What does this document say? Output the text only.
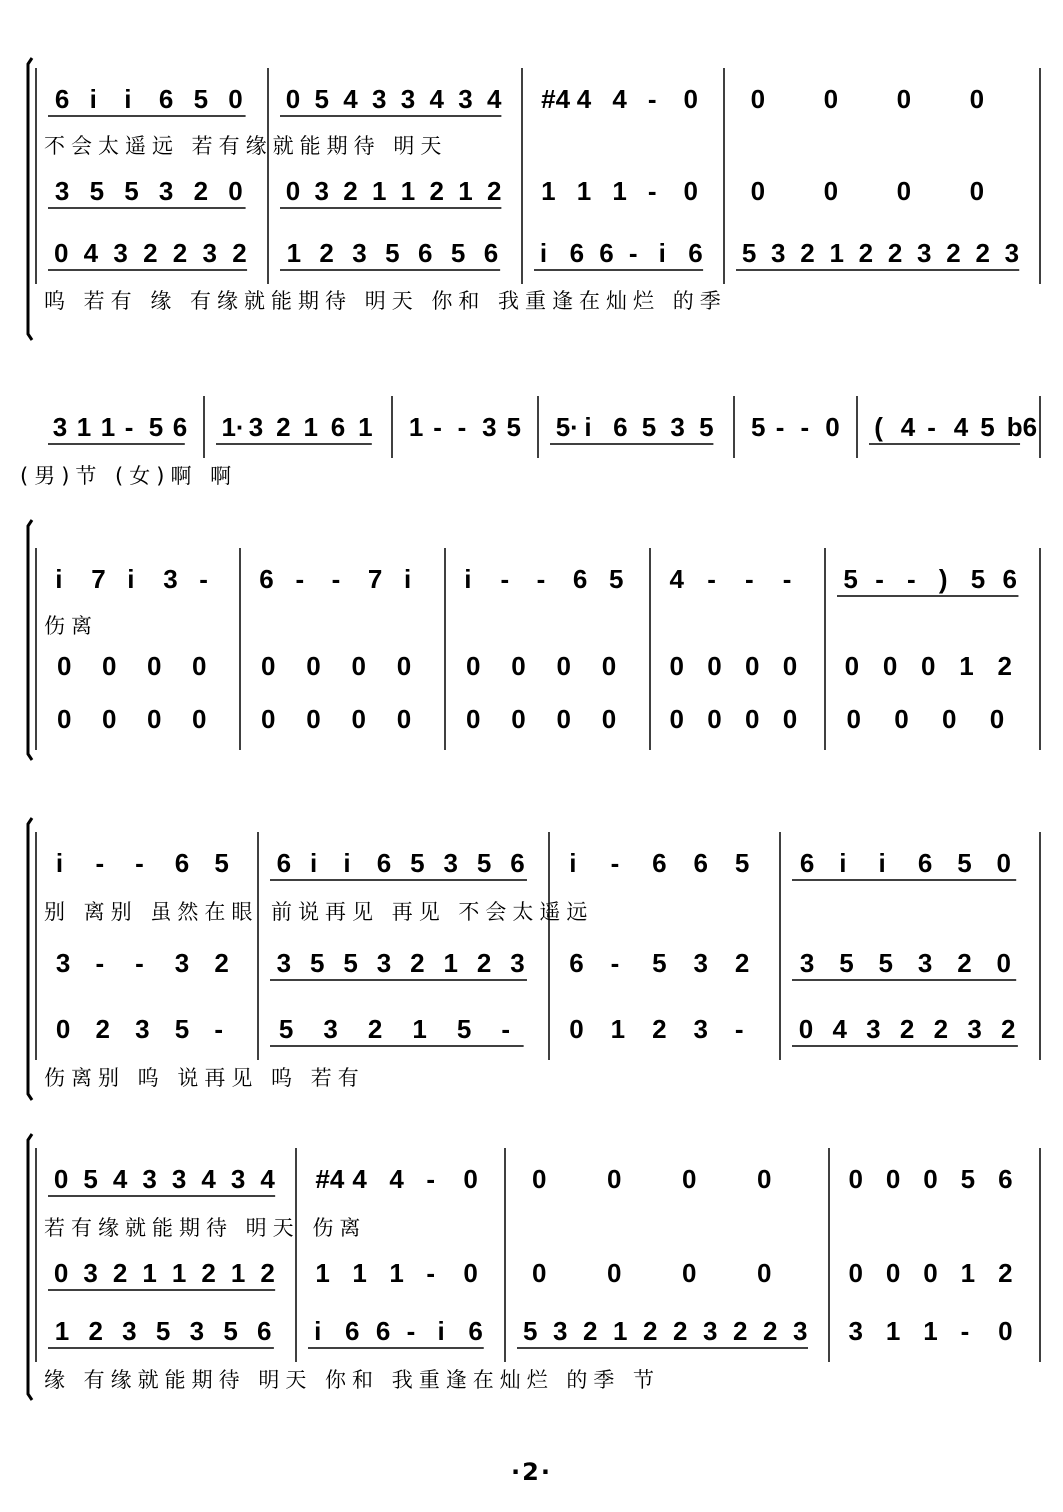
6 i i 6 5 0 0 5 4 3 3 4 3 4 #4 4 4 - 0 0 0 0 0
3 5 5 3 2 0 0 3 2 1 1 2 1 2 1 1 1 - 0 0 0 0 0
0 4 3 2 2 3 2 1 2 3 5 6 5 6 i 6 6 - i 6 5 3 2 1 2 2 3 2 2 3
3 1 1 - 5 6 1· 3 2 1 6 1 1 - - 3 5 5· i 6 5 3 5 5 - - 0 ( 4 - 4 5 b6
i 7 i 3 - 6 - - 7 i i - - 6 5 4 - - - 5 - - ) 5 6
0 0 0 0 0 0 0 0 0 0 0 0 0 0 0 0 0 0 0 1 2
0 0 0 0 0 0 0 0 0 0 0 0 0 0 0 0 0 0 0 0
i - - 6 5 6 i i 6 5 3 5 6 i - 6 6 5 6 i i 6 5 0
3 - - 3 2 3 5 5 3 2 1 2 3 6 - 5 3 2 3 5 5 3 2 0
0 2 3 5 - 5 3 2 1 5 - 0 1 2 3 - 0 4 3 2 2 3 2
0 5 4 3 3 4 3 4 #4 4 4 - 0 0 0 0 0	0 0 0 5 6
0 3 2 1 1 2 1 2 1 1 1 - 0 0 0 0 0	0 0 0 1 2
1 2 3 5 3 5 6 i 6 6 - i 6 5 3 2 1 2 2 3 2 2 3 3 1 1 - 0
不会太遥远 若有缘就能期待 明天
呜 若有 缘 有缘就能期待 明天 你和 我重逢在灿烂 的季
(男)节 (女)啊 啊
伤离
别 离别 虽然在眼 前说再见 再见 不会太遥远
伤离别 呜 说再见 呜 若有
若有缘就能期待 明天 伤离
缘 有缘就能期待 明天 你和 我重逢在灿烂 的季 节
·2·
